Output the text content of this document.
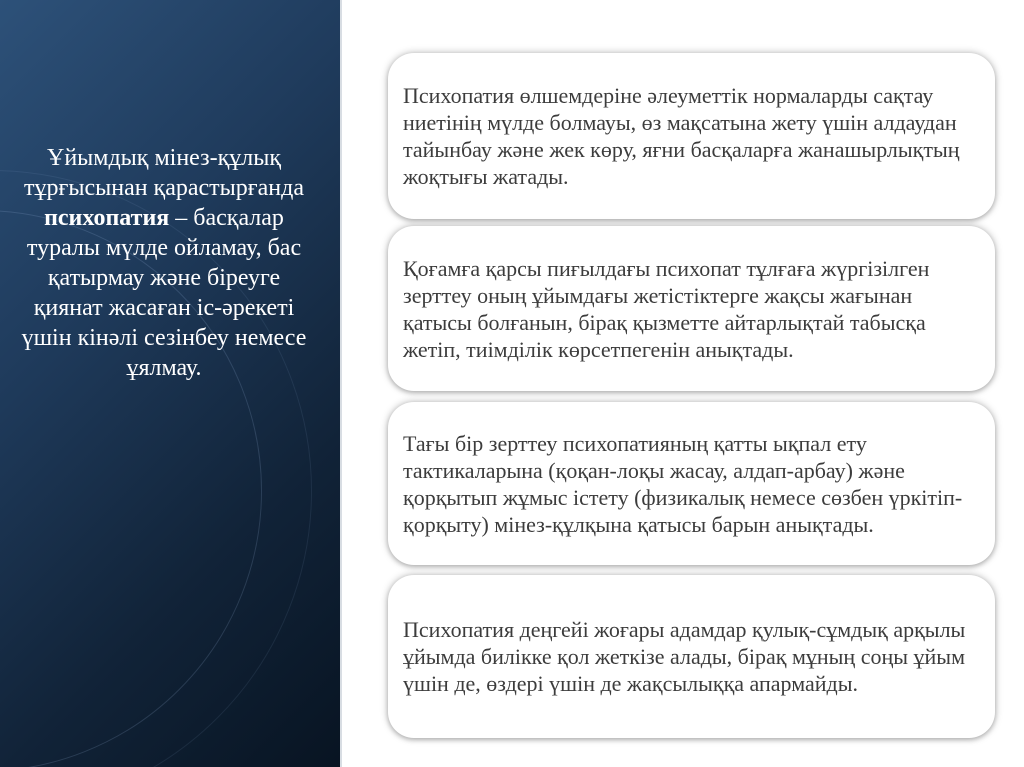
Ұйымдық мінез-құлық тұрғысынан қарастырғанда психопатия – басқалар туралы мүлде ойламау, бас қатырмау және біреуге қиянат жасаған іс-әрекеті үшін кінәлі сезінбеу немесе ұялмау.

Психопатия өлшемдеріне әлеуметтік нормаларды сақтау ниетінің мүлде болмауы, өз мақсатына жету үшін алдаудан тайынбау және жек көру, яғни басқаларға жанашырлықтың жоқтығы жатады.

Қоғамға қарсы пиғылдағы психопат тұлғаға жүргізілген зерттеу оның ұйымдағы жетістіктерге жақсы жағынан қатысы болғанын, бірақ қызметте айтарлықтай табысқа жетіп, тиімділік көрсетпегенін анықтады.

Тағы бір зерттеу психопатияның қатты ықпал ету тактикаларына (қоқан-лоқы жасау, алдап-арбау) және қорқытып жұмыс істету (физикалық немесе сөзбен үркітіп-қорқыту) мінез-құлқына қатысы барын анықтады.

Психопатия деңгейі жоғары адамдар қулық-сұмдық арқылы ұйымда билікке қол жеткізе алады, бірақ мұның соңы ұйым үшін де, өздері үшін де жақсылыққа апармайды.
